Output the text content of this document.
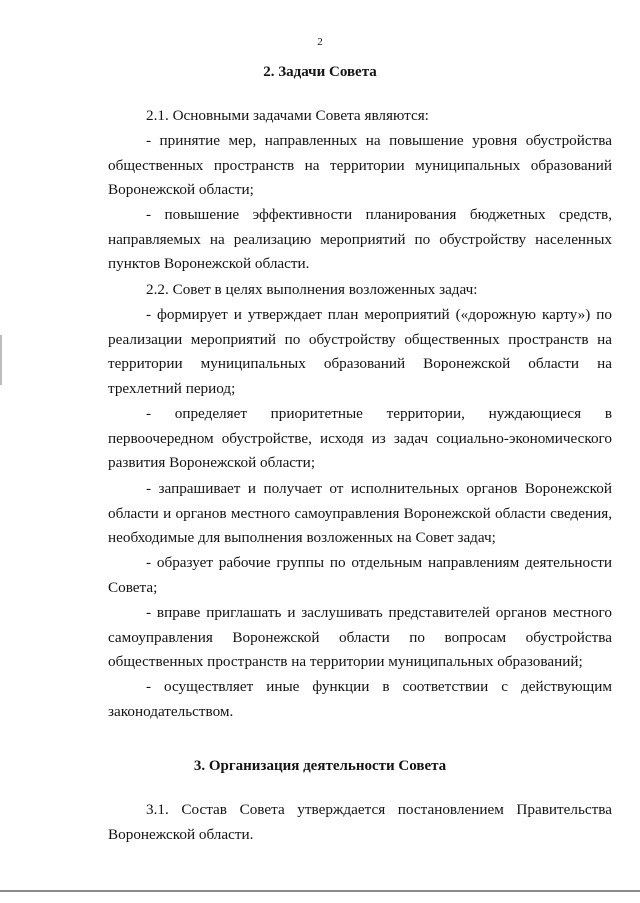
2
2. Задачи Совета

2.1. Основными задачами Совета являются:

- принятие мер, направленных на повышение уровня обустройства общественных пространств на территории муниципальных образований Воронежской области;

- повышение эффективности планирования бюджетных средств, направляемых на реализацию мероприятий по обустройству населенных пунктов Воронежской области.

2.2. Совет в целях выполнения возложенных задач:

- формирует и утверждает план мероприятий («дорожную карту») по реализации мероприятий по обустройству общественных пространств на территории муниципальных образований Воронежской области на трехлетний период;

- определяет приоритетные территории, нуждающиеся в первоочередном обустройстве, исходя из задач социально-экономического развития Воронежской области;

- запрашивает и получает от исполнительных органов Воронежской области и органов местного самоуправления Воронежской области сведения, необходимые для выполнения возложенных на Совет задач;

- образует рабочие группы по отдельным направлениям деятельности Совета;

- вправе приглашать и заслушивать представителей органов местного самоуправления Воронежской области по вопросам обустройства общественных пространств на территории муниципальных образований;

- осуществляет иные функции в соответствии с действующим законодательством.

3. Организация деятельности Совета

3.1. Состав Совета утверждается постановлением Правительства Воронежской области.
